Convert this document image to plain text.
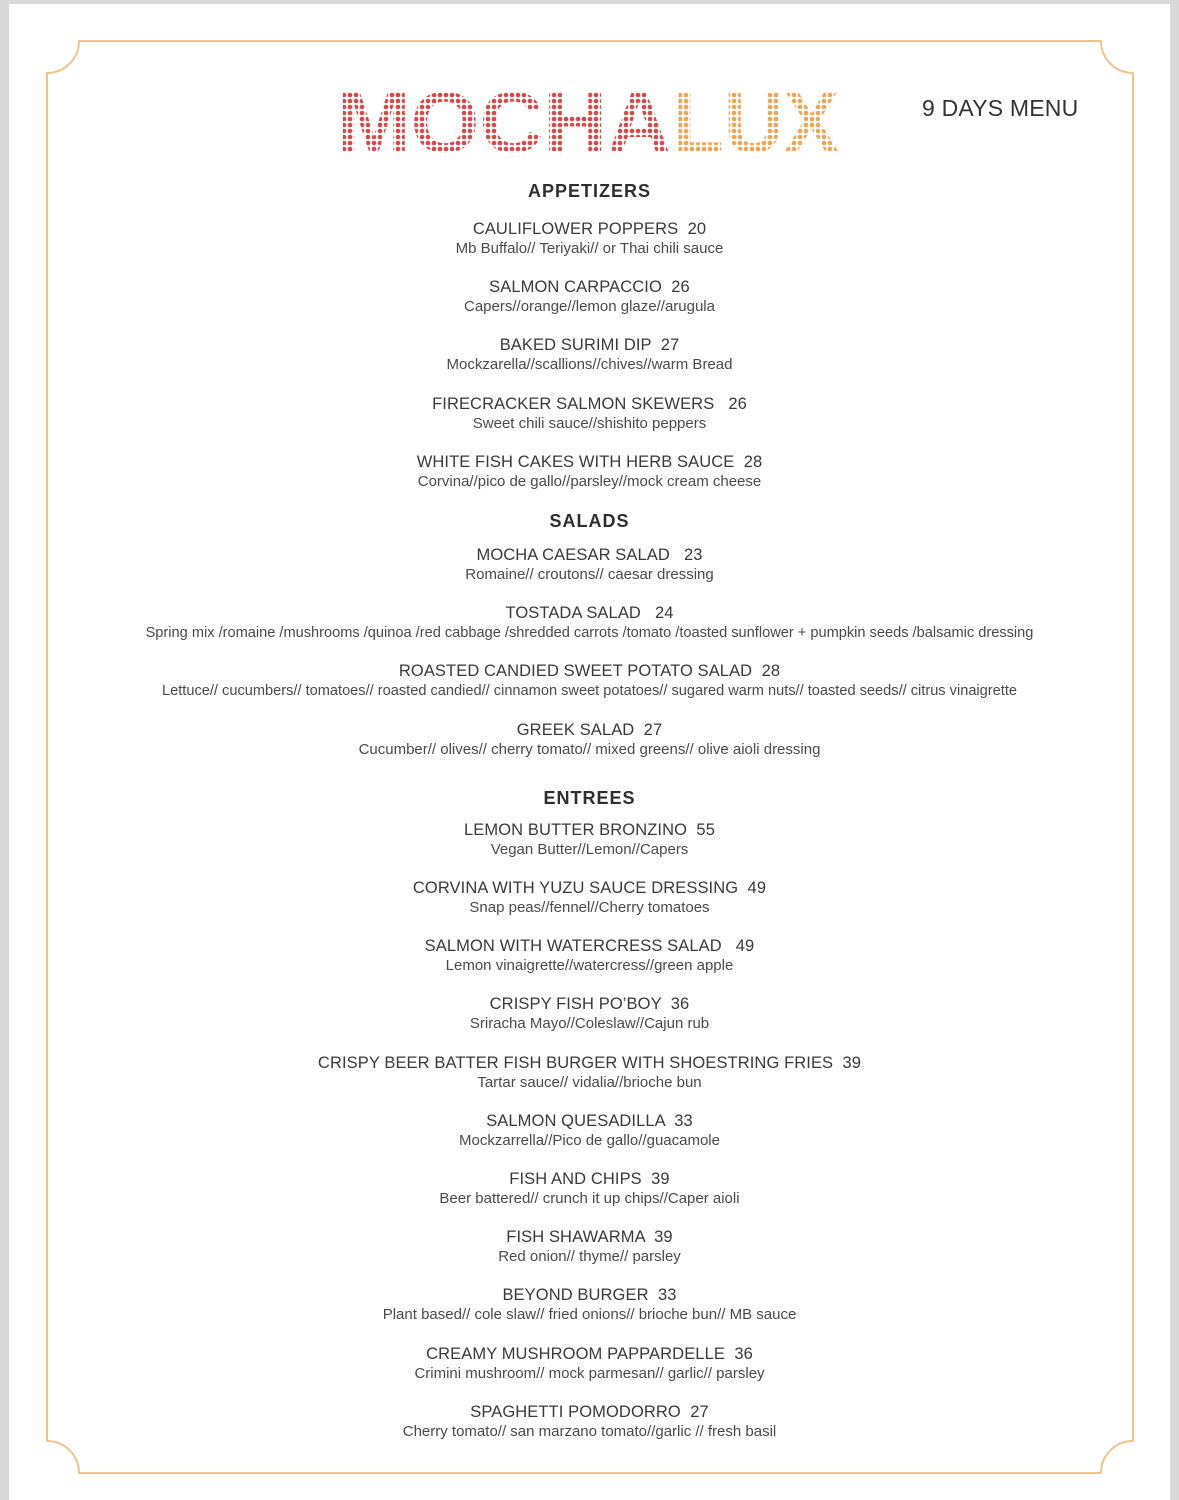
MOCHA LUX	9 DAYS MENU
APPETIZERS
CAULIFLOWER POPPERS  20
Mb Buffalo// Teriyaki// or Thai chili sauce
SALMON CARPACCIO  26
Capers//orange//lemon glaze//arugula
BAKED SURIMI DIP  27
Mockzarella//scallions//chives//warm Bread
FIRECRACKER SALMON SKEWERS   26
Sweet chili sauce//shishito peppers
WHITE FISH CAKES WITH HERB SAUCE  28
Corvina//pico de gallo//parsley//mock cream cheese
SALADS
MOCHA CAESAR SALAD   23
Romaine// croutons// caesar dressing
TOSTADA SALAD   24
Spring mix /romaine /mushrooms /quinoa /red cabbage /shredded carrots /tomato /toasted sunflower + pumpkin seeds /balsamic dressing
ROASTED CANDIED SWEET POTATO SALAD  28
Lettuce// cucumbers// tomatoes// roasted candied// cinnamon sweet potatoes// sugared warm nuts// toasted seeds// citrus vinaigrette
GREEK SALAD  27
Cucumber// olives// cherry tomato// mixed greens// olive aioli dressing
ENTREES
LEMON BUTTER BRONZINO  55
Vegan Butter//Lemon//Capers
CORVINA WITH YUZU SAUCE DRESSING  49
Snap peas//fennel//Cherry tomatoes
SALMON WITH WATERCRESS SALAD   49
Lemon vinaigrette//watercress//green apple
CRISPY FISH PO’BOY  36
Sriracha Mayo//Coleslaw//Cajun rub
CRISPY BEER BATTER FISH BURGER WITH SHOESTRING FRIES  39
Tartar sauce// vidalia//brioche bun
SALMON QUESADILLA  33
Mockzarrella//Pico de gallo//guacamole
FISH AND CHIPS  39
Beer battered// crunch it up chips//Caper aioli
FISH SHAWARMA  39
Red onion// thyme// parsley
BEYOND BURGER  33
Plant based// cole slaw// fried onions// brioche bun// MB sauce
CREAMY MUSHROOM PAPPARDELLE  36
Crimini mushroom// mock parmesan// garlic// parsley
SPAGHETTI POMODORRO  27
Cherry tomato// san marzano tomato//garlic // fresh basil
